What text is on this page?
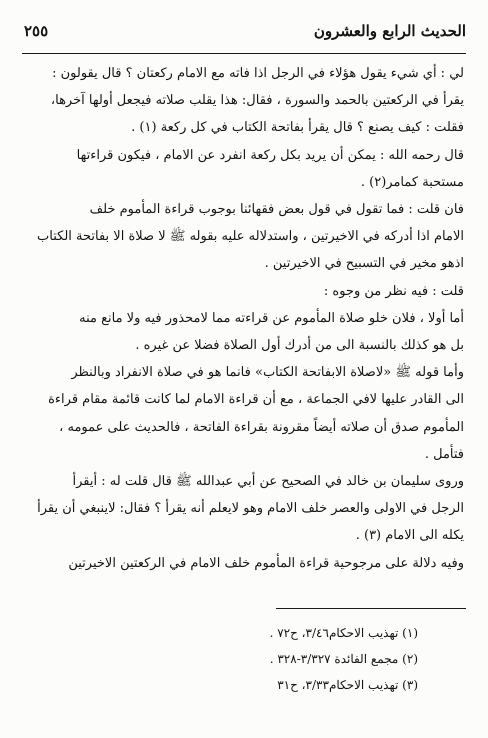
الحديث الرابع والعشرون
٢٥٥

لي : أي شيء يقول هؤلاء في الرجل اذا فاته مع الامام ركعتان ؟ قال يقولون :

يقرأ في الركعتين بالحمد والسورة ، فقال: هذا يقلب صلاته فيجعل أولها آخرها،

فقلت : كيف يصنع ؟ قال يقرأ بفاتحة الكتاب في كل ركعة (١) .

قال رحمه الله : يمكن أن يريد بكل ركعة انفرد عن الامام ، فيكون قراءتها

مستحبة كمامر(٢) .

فان قلت : فما تقول في قول بعض فقهائنا بوجوب قراءة المأموم خلف

الامام اذا أدركه في الاخيرتين ، واستدلاله عليه بقوله ﷺ لا صلاة الا بفاتحة الكتاب

اذهو مخير في التسبيح في الاخيرتين .

قلت : فيه نظر من وجوه :

أما أولا ، فلان خلو صلاة المأموم عن قراءته مما لامحذور فيه ولا مانع منه

بل هو كذلك بالنسبة الى من أدرك أول الصلاة فضلا عن غيره .

وأما قوله ﷺ «لاصلاة الابفاتحة الكتاب» فانما هو في صلاة الانفراد وبالنظر

الى القادر عليها لافي الجماعة ، مع أن قراءة الامام لما كانت قائمة مقام قراءة

المأموم صدق أن صلاته أيضاً مقرونة بقراءة الفاتحة ، فالحديث على عمومه ،

فتأمل .

وروى سليمان بن خالد في الصحيح عن أبي عبدالله ﷺ قال قلت له : أيقرأ

الرجل في الاولى والعصر خلف الامام وهو لايعلم أنه يقرأ ؟ فقال: لاينبغي أن يقرأ

يكله الى الامام (٣) .

وفيه دلالة على مرجوحية قراءة المأموم خلف الامام في الركعتين الاخيرتين

(١) تهذيب الاحكام٣/٤٦، ح٧٢ .
(٢) مجمع الفائدة ٣/٣٢٧-٣٢٨ .
(٣) تهذيب الاحكام٣/٣٣، ح٣١
